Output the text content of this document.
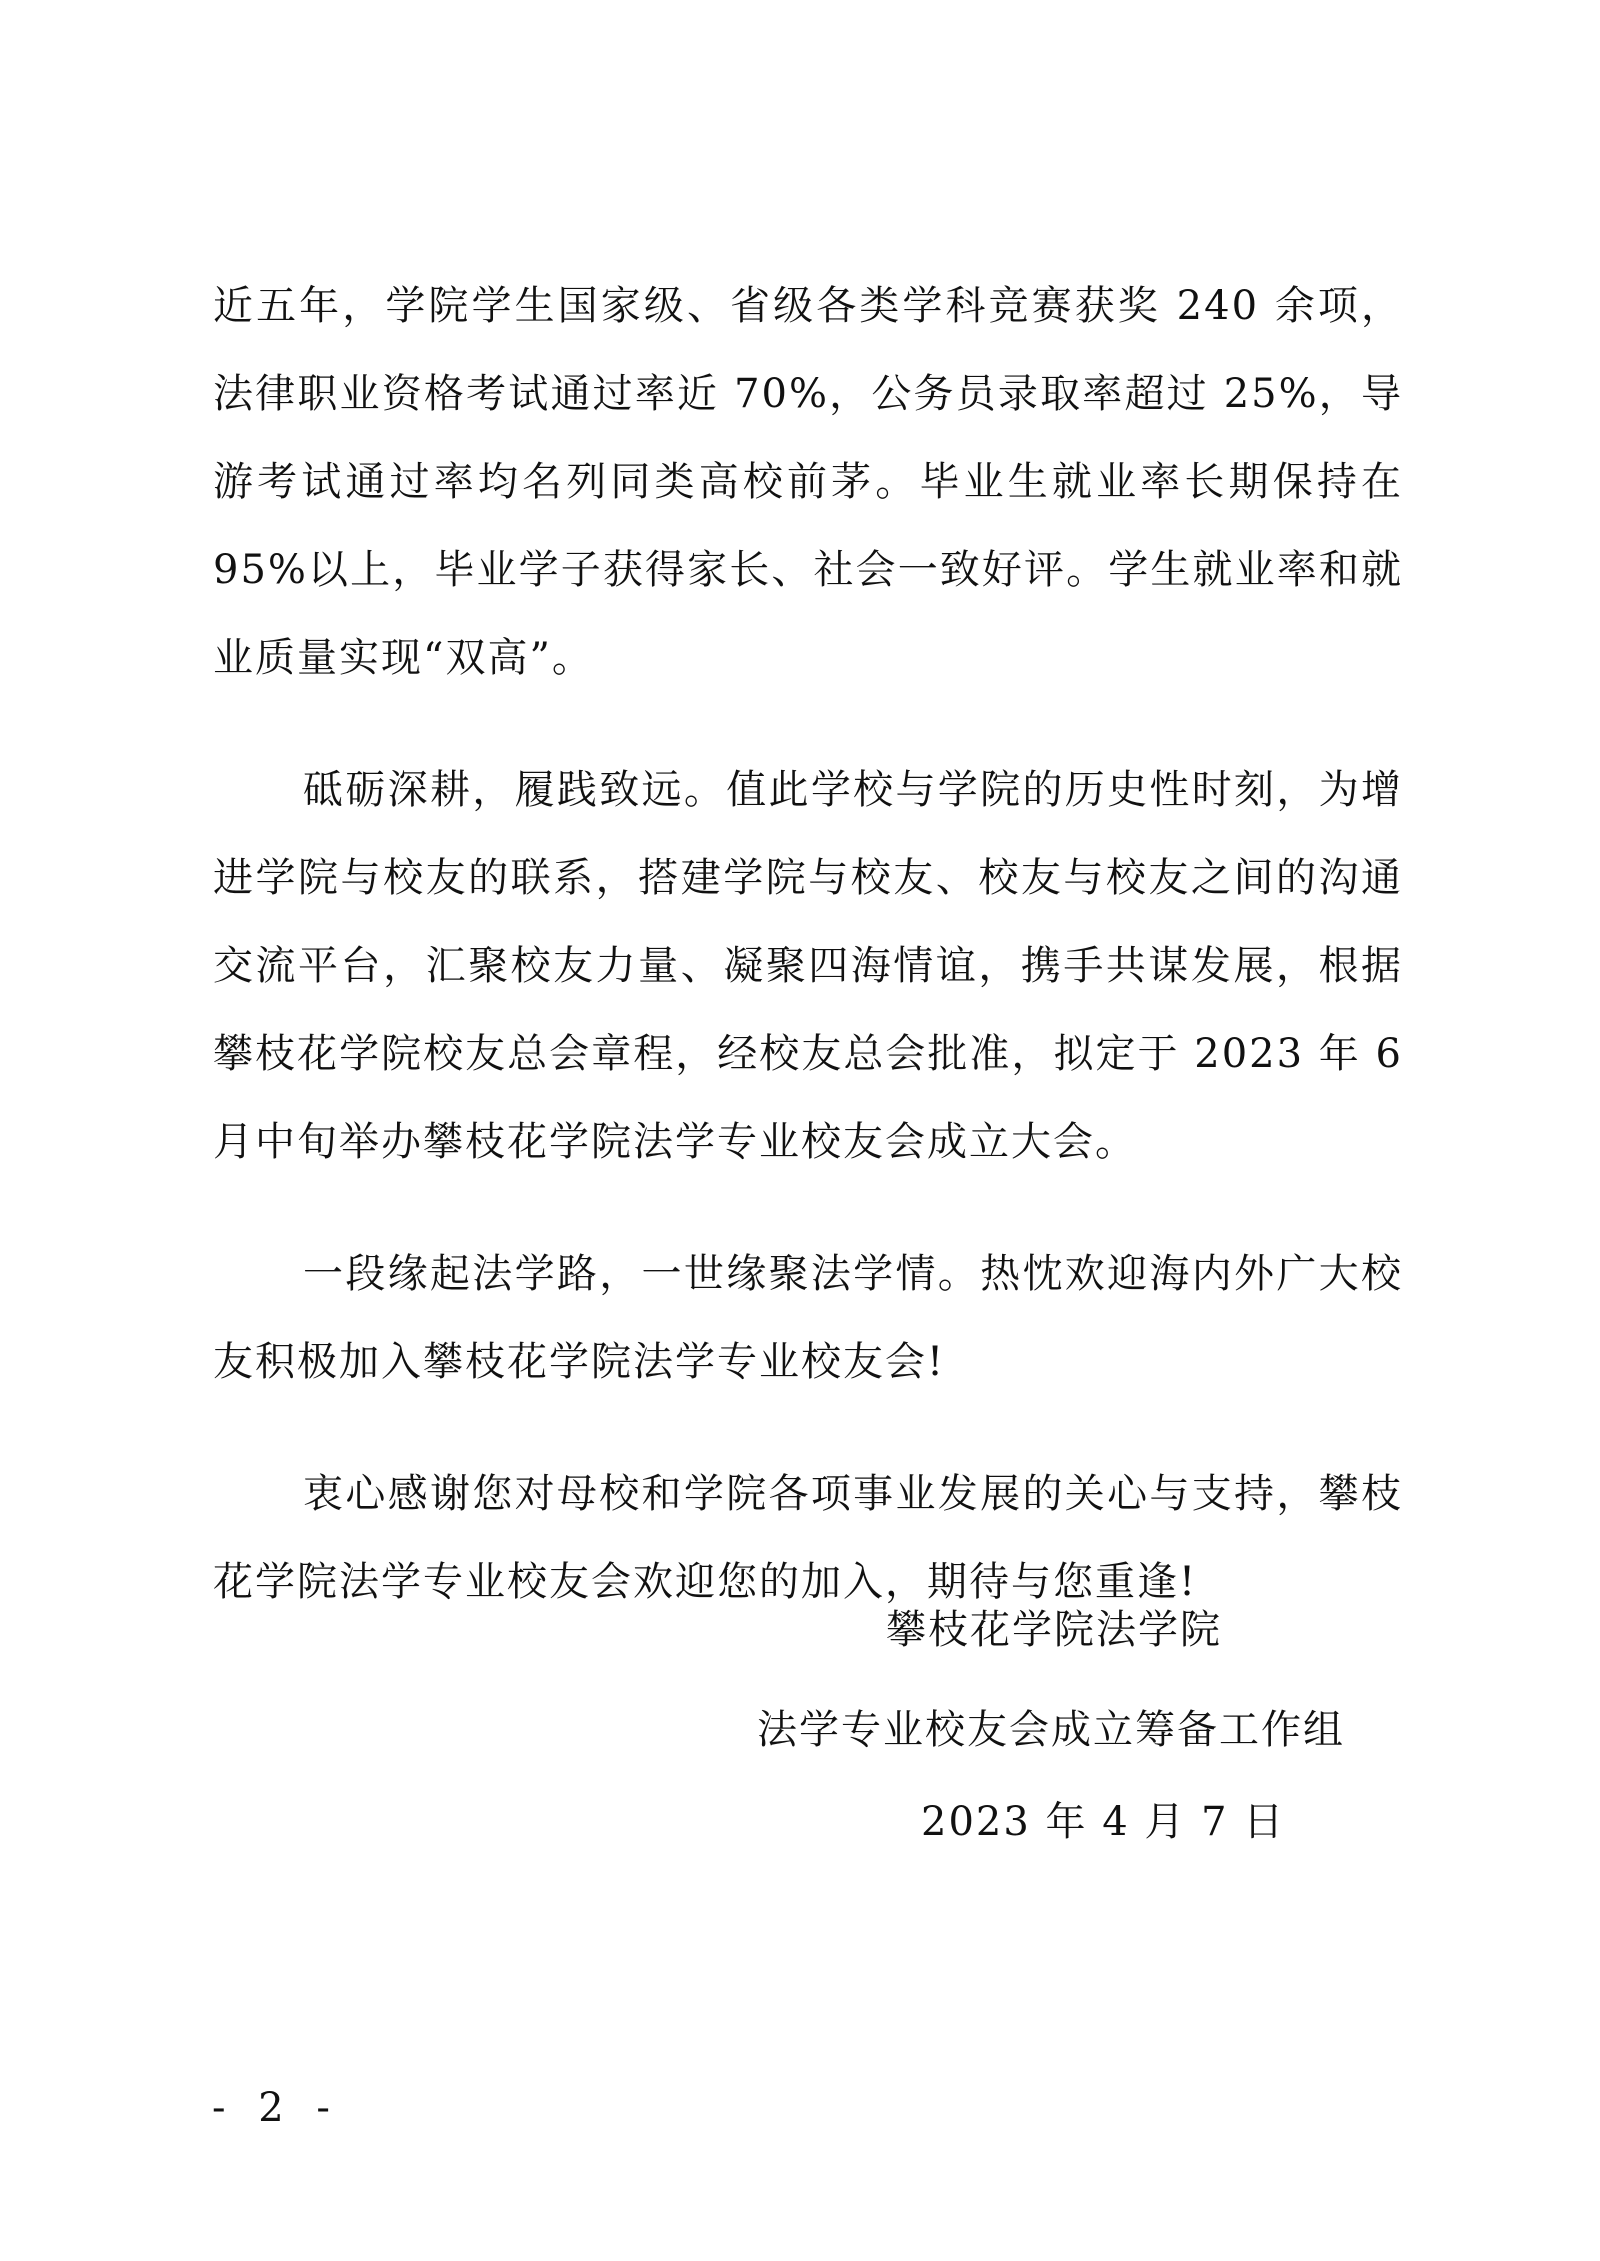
近五年，学院学生国家级、省级各类学科竞赛获奖 240 余项，法律职业资格考试通过率近 70%，公务员录取率超过 25%，导游考试通过率均名列同类高校前茅。毕业生就业率长期保持在 95%以上，毕业学子获得家长、社会一致好评。学生就业率和就业质量实现“双高”。

砥砺深耕，履践致远。值此学校与学院的历史性时刻，为增进学院与校友的联系，搭建学院与校友、校友与校友之间的沟通交流平台，汇聚校友力量、凝聚四海情谊，携手共谋发展，根据攀枝花学院校友总会章程，经校友总会批准，拟定于 2023 年 6 月中旬举办攀枝花学院法学专业校友会成立大会。

一段缘起法学路，一世缘聚法学情。热忱欢迎海内外广大校友积极加入攀枝花学院法学专业校友会!

衷心感谢您对母校和学院各项事业发展的关心与支持，攀枝花学院法学专业校友会欢迎您的加入，期待与您重逢!

攀枝花学院法学院
法学专业校友会成立筹备工作组
2023 年 4 月 7 日
- 2 -
